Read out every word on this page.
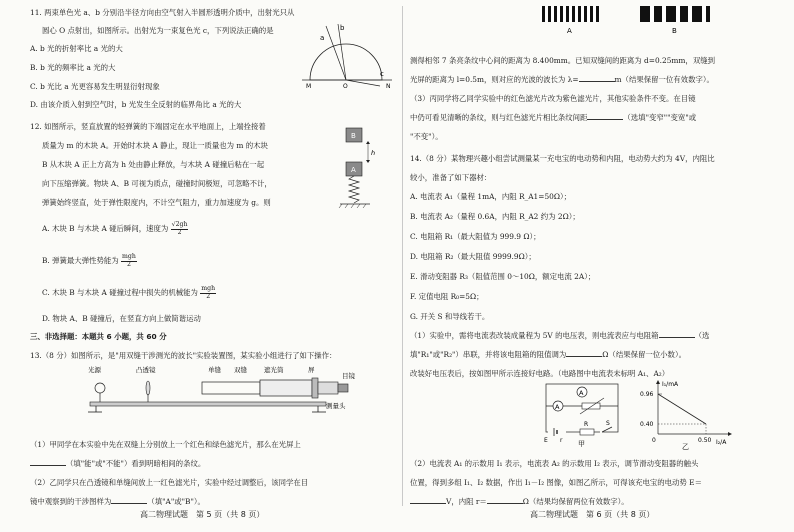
11. 两束单色光 a、b 分别沿半径方向由空气射入半圆形透明介质中，出射光只从
圆心 O 点射出，如图所示。出射光为一束复色光 c，下列说法正确的是
A. b 光的折射率比 a 光的大
B. b 光的频率比 a 光的大
C. b 光比 a 光更容易发生明显衍射现象
D. 由该介质入射到空气时，b 光发生全反射的临界角比 a 光的大
a
b
c
M	O	N
12. 如图所示，竖直放置的轻弹簧的下端固定在水平地面上，上端拴接着
质量为 m 的木块 A。开始时木块 A 静止，现让一质量也为 m 的木块
B 从木块 A 正上方高为 h 处由静止释放，与木块 A 碰撞后粘在一起
向下压缩弹簧。物块 A、B 可视为质点，碰撞时间极短，可忽略不计，
弹簧始终竖直，处于弹性限度内，不计空气阻力，重力加速度为 g。则
A. 木块 B 与木块 A 碰后瞬间，速度为 $\frac{√2gh}{2}$
B. 弹簧最大弹性势能为 $\frac{\text{mgh}}{2}$
C. 木块 B 与木块 A 碰撞过程中损失的机械能为 $\frac{\text{mgh}}{2}$
D. 物块 A、B 碰撞后，在竖直方向上做简谐运动
B
h
A
三、非选择题：本题共 6 小题，共 60 分
13.（8 分）如图所示，是"用双缝干涉测光的波长"实验装置图，某实验小组进行了如下操作：
光源	凸透镜	单缝 双缝	遮光筒	屏
目镜
测量头
（1）甲同学在本实验中先在双缝上分别放上一个红色和绿色滤光片，那么在光屏上
（填"能"或"不能"）看到明暗相间的条纹。
（2）乙同学只在凸透镜和单缝间放上一红色滤光片，实验中经过调整后，该同学在目
镜中观察到的干涉图样为	（填"A"或"B"）。
A	B
测得相邻 7 条亮条纹中心间的距离为 8.400mm。已知双缝间的距离为 d=0.25mm，双缝到
光屏的距离为 l=0.5m，则对应的光波的波长为 λ=	m（结果保留一位有效数字）。
（3）丙同学将乙同学实验中的红色滤光片改为紫色滤光片，其他实验条件不变。在目镜
中仍可看见清晰的条纹，则与红色滤光片相比条纹间距	（选填"变窄""变宽"或
"不变"）。
14.（8 分）某物理兴趣小组尝试测量某一充电宝的电动势和内阻，电动势大约为 4V，内阻比
较小，准备了如下器材：
A. 电流表 A₁（量程 1mA，内阻 R_A1=50Ω）；
B. 电流表 A₂（量程 0.6A，内阻 R_A2 约为 2Ω）；
C. 电阻箱 R₁（最大阻值为 999.9 Ω）；
D. 电阻箱 R₂（最大阻值 9999.9Ω）；
E. 滑动变阻器 R₃（阻值范围 0～10Ω，额定电流 2A）；
F. 定值电阻 R₀=5Ω；
G. 开关 S 和导线若干。
（1）实验中，需将电流表改装成量程为 5V 的电压表，则电流表应与电阻箱	（选
填"R₁"或"R₂"）串联，并将该电阻箱的阻值调为	Ω（结果保留一位小数）。
改装好电压表后，按如图甲所示连接好电路。（电路图中电流表未标明 A₁、A₂）
A
A
E r
R	S
甲
I₁/mA
I₂/A
0.96
0.40
0	0.50
乙
（2）电流表 A₁ 的示数用 I₁ 表示，电流表 A₂ 的示数用 I₂ 表示，调节滑动变阻器的触头
位置，得到多组 I₁、I₂ 数据，作出 I₁－I₂ 图像，如图乙所示，可得该充电宝的电动势 E＝
V，内阻 r＝	Ω（结果均保留两位有效数字）。
高二物理试题　第 5 页（共 8 页）	高二物理试题　第 6 页（共 8 页）
